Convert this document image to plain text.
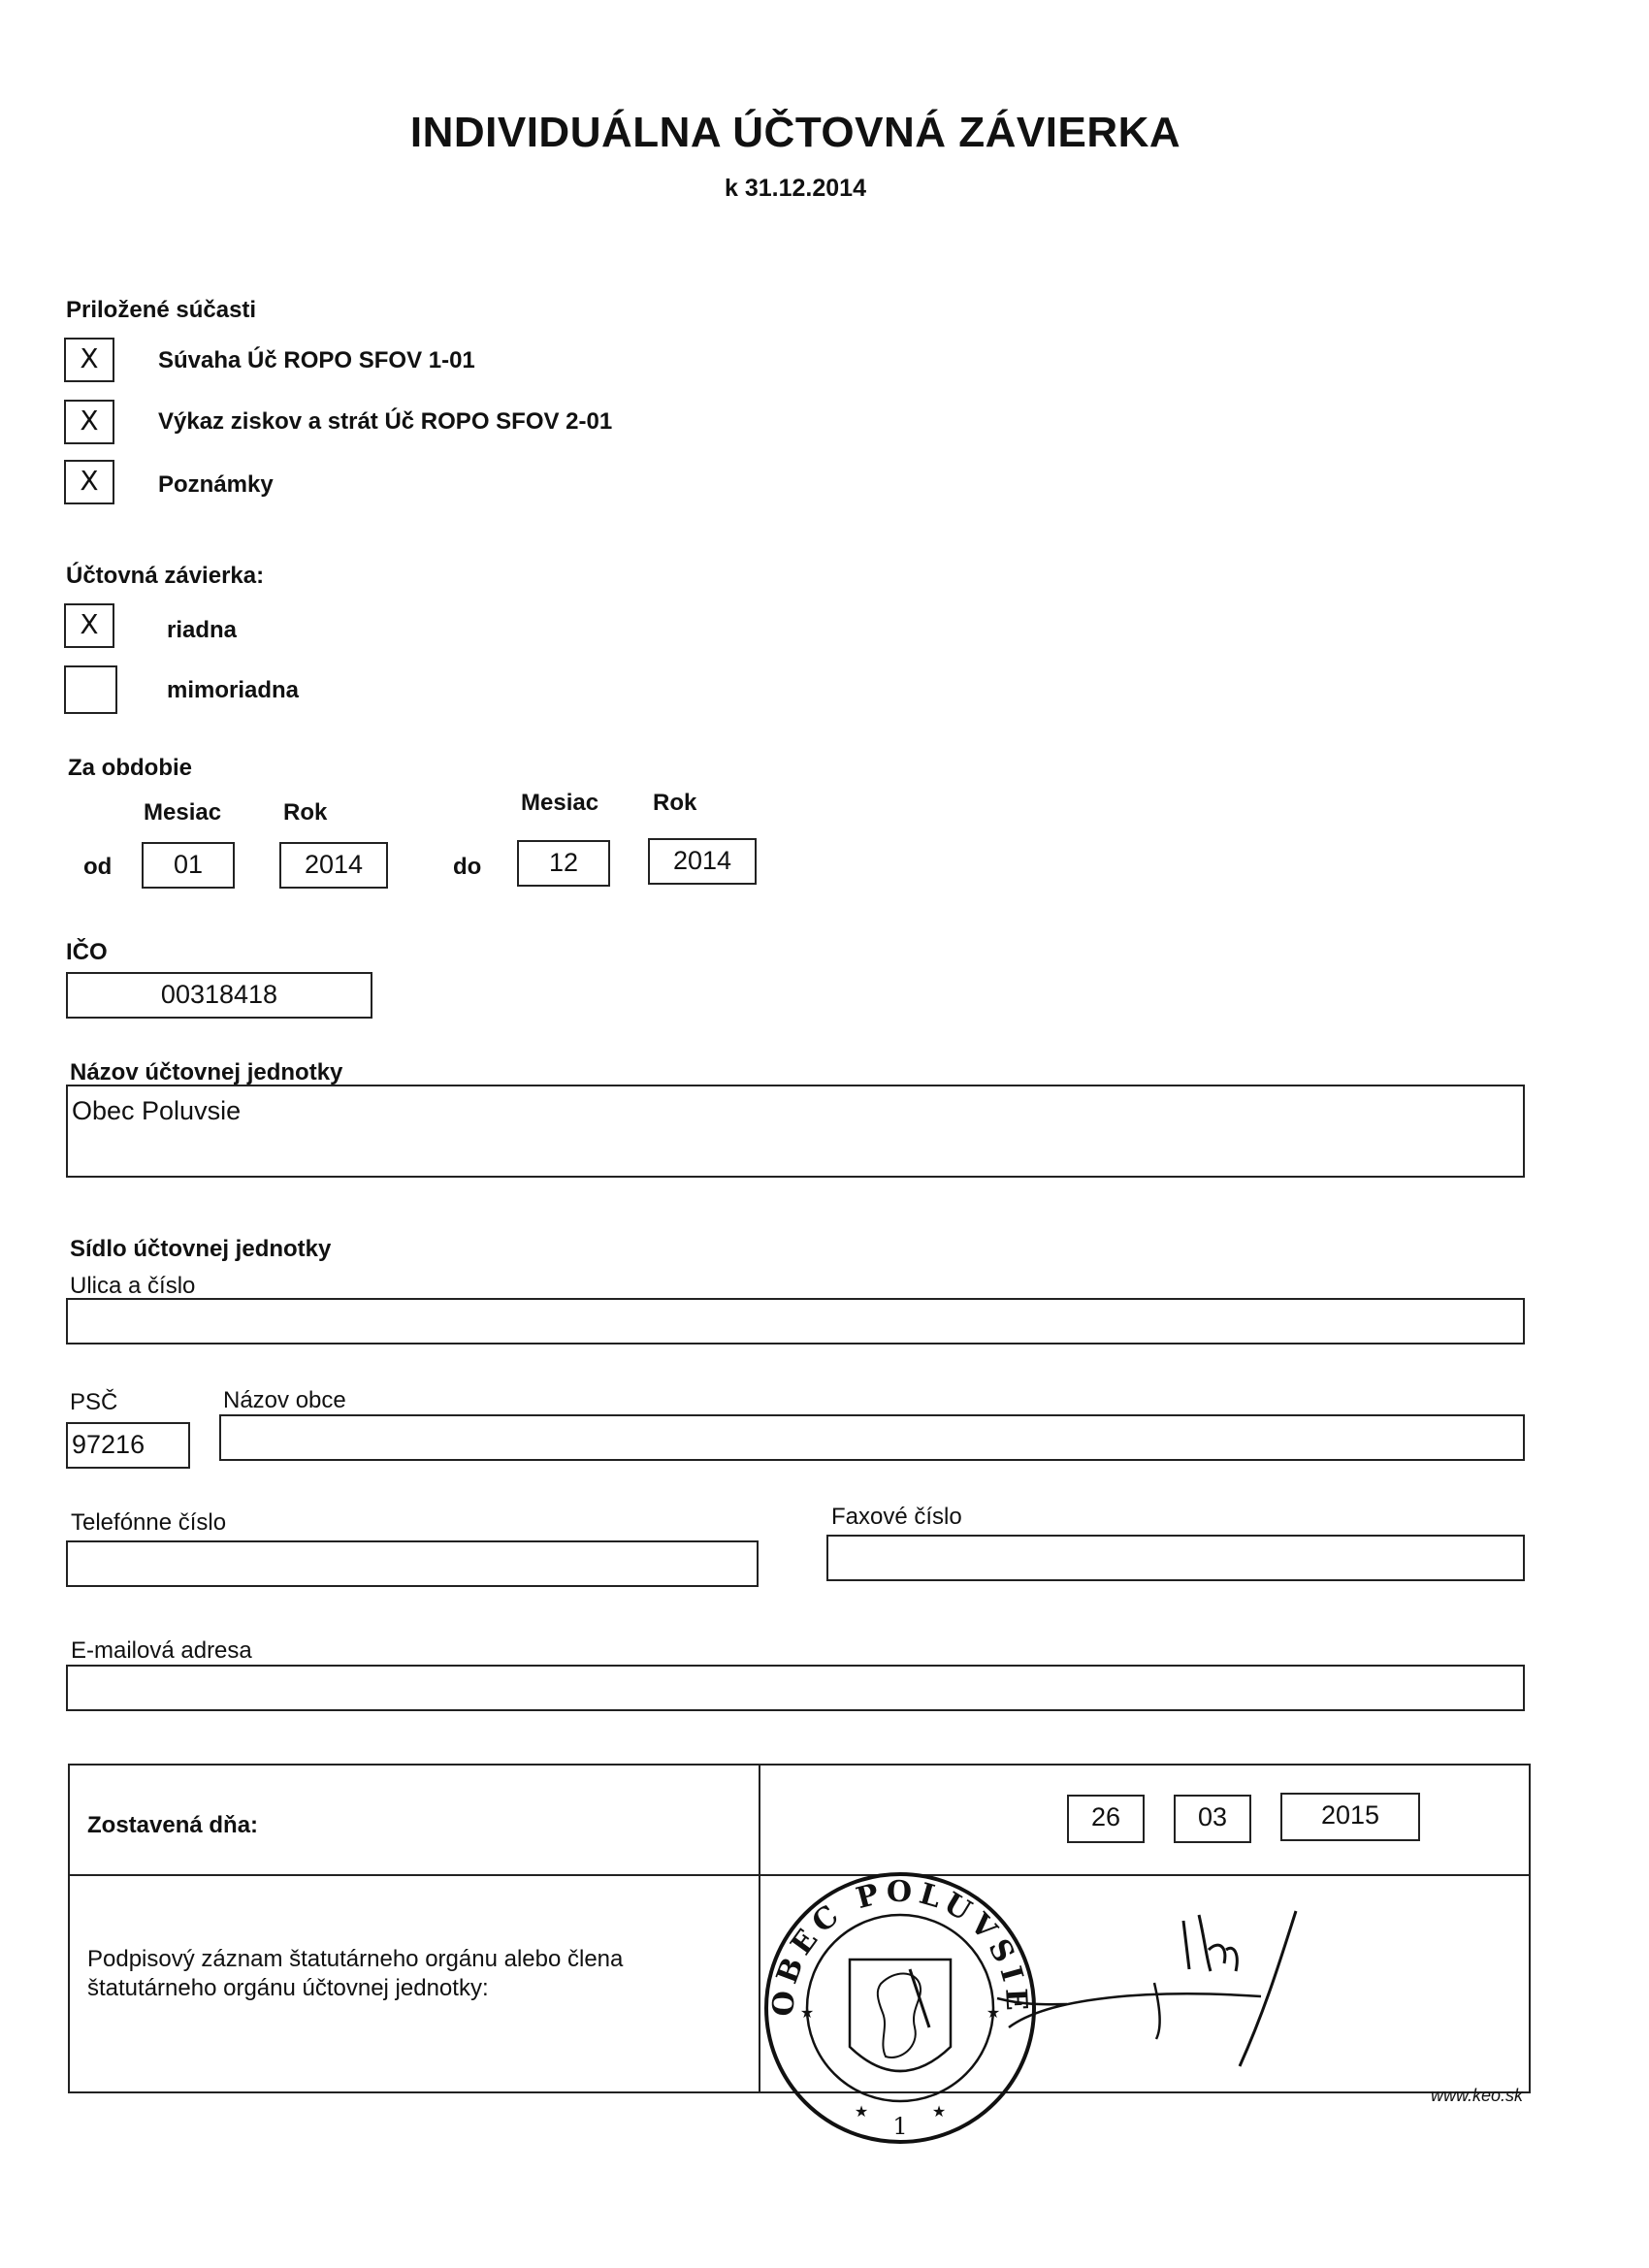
INDIVIDUÁLNA ÚČTOVNÁ ZÁVIERKA
k 31.12.2014
Priložené súčasti
X	Súvaha Úč ROPO SFOV 1-01
X	Výkaz ziskov a strát Úč ROPO SFOV 2-01
X	Poznámky
Účtovná závierka:
X	riadna
mimoriadna
Za obdobie
Mesiac	Rok	Mesiac Rok
od	01	2014	do	12	2014
IČO
00318418
Názov účtovnej jednotky
Obec Poluvsie
Sídlo účtovnej jednotky
Ulica a číslo
PSČ	Názov obce
97216
Telefónne číslo	Faxové číslo
E-mailová adresa
Zostavená dňa:	26	03	2015
Podpisový záznam štatutárneho orgánu alebo člena
štatutárneho orgánu účtovnej jednotky:	OBEC POLUVSIE
★	★
★	★
1
www.keo.sk
